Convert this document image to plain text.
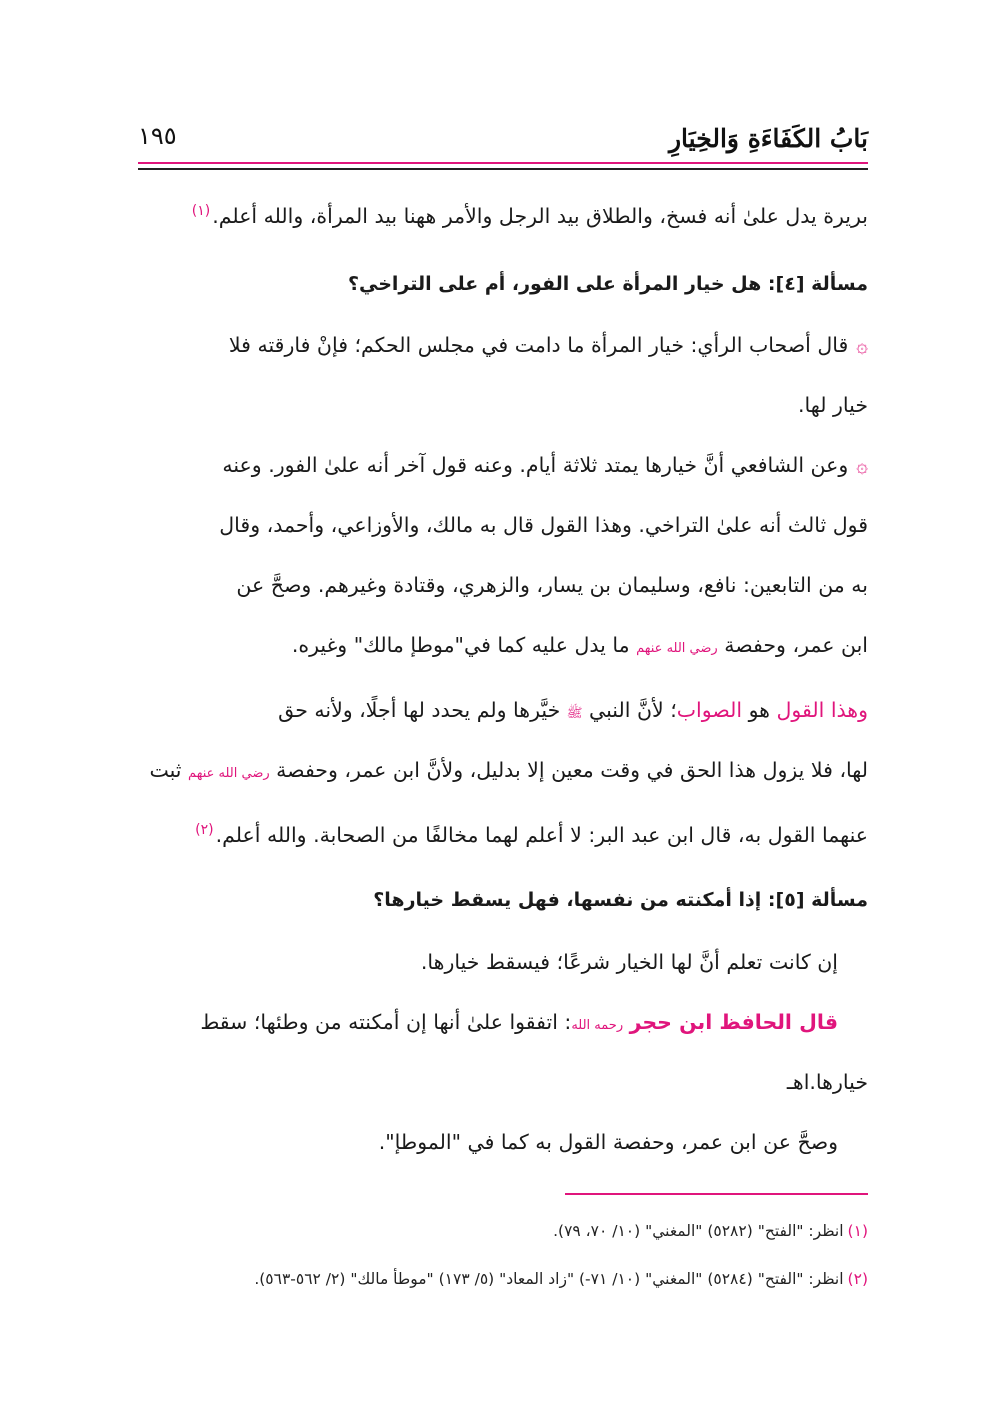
بَابُ الكَفَاءَةِ وَالخِيَارِ
١٩٥
بريرة يدل علىٰ أنه فسخ، والطلاق بيد الرجل والأمر ههنا بيد المرأة، والله أعلم.$^{(١)}$
مسألة [٤]: هل خيار المرأة على الفور، أم على التراخي؟
۞قال أصحاب الرأي: خيار المرأة ما دامت في مجلس الحكم؛ فإنْ فارقته فلا
خيار لها.
۞وعن الشافعي أنَّ خيارها يمتد ثلاثة أيام. وعنه قول آخر أنه علىٰ الفور. وعنه
قول ثالث أنه علىٰ التراخي. وهذا القول قال به مالك، والأوزاعي، وأحمد، وقال
به من التابعين: نافع، وسليمان بن يسار، والزهري، وقتادة وغيرهم. وصحَّ عن
ابن عمر، وحفصة رضي الله عنهم ما يدل عليه كما في"موطإ مالك" وغيره.
وهذا القول هو الصواب؛ لأنَّ النبي ﷺ خيَّرها ولم يحدد لها أجلًا، ولأنه حق
لها، فلا يزول هذا الحق في وقت معين إلا بدليل، ولأنَّ ابن عمر، وحفصة رضي الله عنهم ثبت
عنهما القول به، قال ابن عبد البر: لا أعلم لهما مخالفًا من الصحابة. والله أعلم.$^{(٢)}$
مسألة [٥]: إذا أمكنته من نفسها، فهل يسقط خيارها؟
إن كانت تعلم أنَّ لها الخيار شرعًا؛ فيسقط خيارها.
قال الحافظ ابن حجر رحمه الله: اتفقوا علىٰ أنها إن أمكنته من وطئها؛ سقط
خيارها.اهـ
وصحَّ عن ابن عمر، وحفصة القول به كما في "الموطإ".
(١)انظر: "الفتح" (٥٢٨٢) "المغني" (١٠/ ٧٠، ٧٩).
(٢)انظر: "الفتح" (٥٢٨٤) "المغني" (١٠/ ٧١-) "زاد المعاد" (٥/ ١٧٣) "موطأ مالك" (٢/ ٥٦٢-٥٦٣).
